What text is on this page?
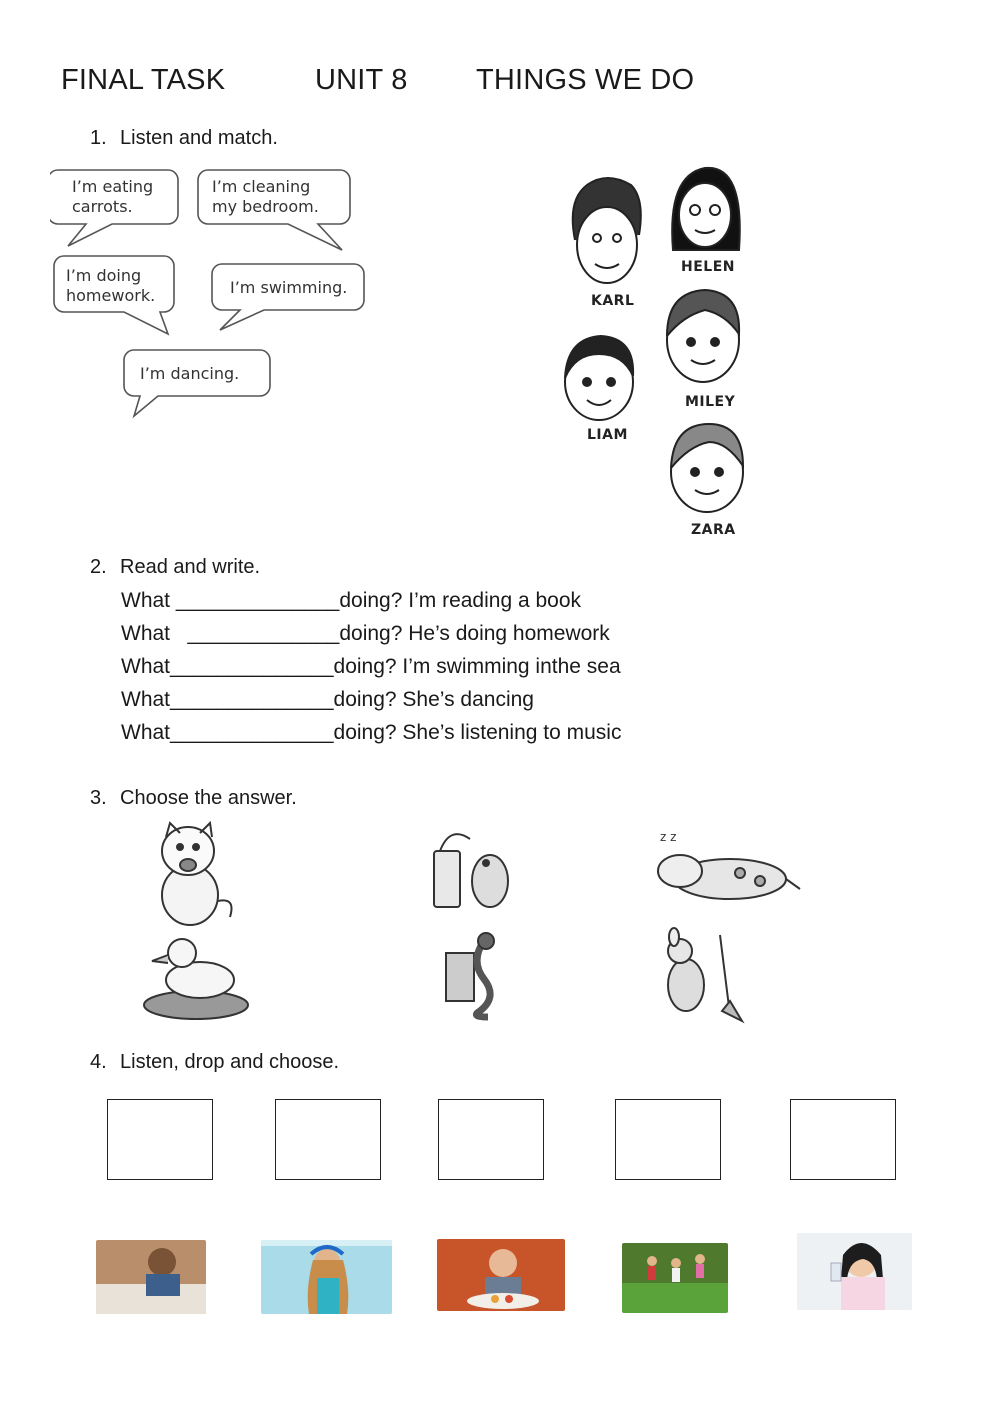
FINAL TASK	UNIT 8 THINGS WE DO
1. Listen and match.
I’m eating
carrots.
I’m cleaning
my bedroom.
I’m doing
homework.	I’m swimming.
I’m dancing.
KARL
HELEN
LIAM
MILEY
ZARA
2. Read and write.
What ______________doing? I’m reading a book
What   _____________doing? He’s doing homework
What______________doing? I’m swimming inthe sea
What______________doing? She’s dancing
What______________doing? She’s listening to music
3. Choose the answer.
z z
4. Listen, drop and choose.
